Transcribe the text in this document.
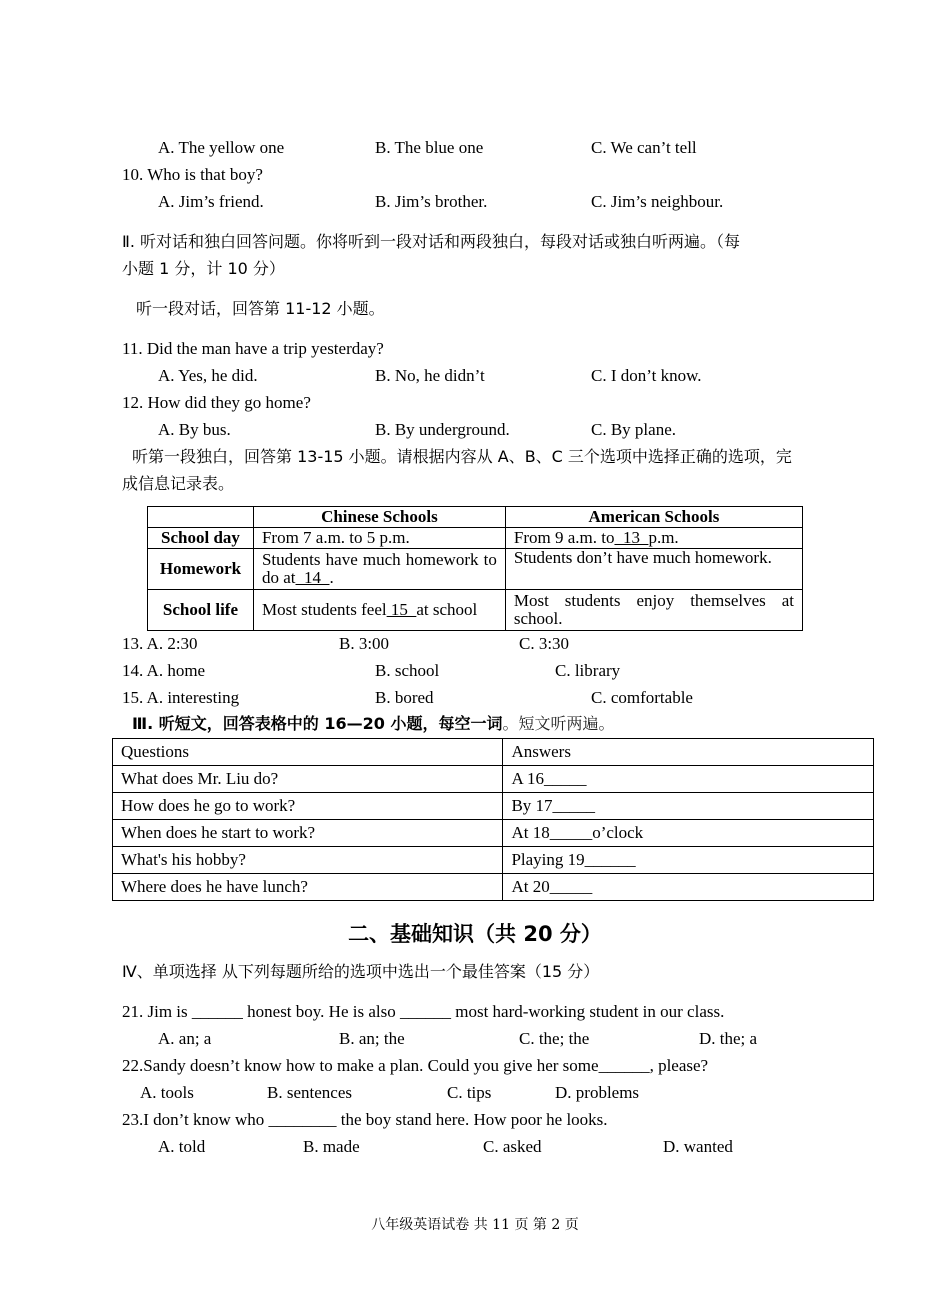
A. The yellow one	B. The blue one	C. We can’t tell
10. Who is that boy?
A. Jim’s friend.	B. Jim’s brother.	C. Jim’s neighbour.
Ⅱ. 听对话和独白回答问题。你将听到一段对话和两段独白，每段对话或独白听两遍。（每
小题 1 分，计 10 分）
听一段对话，回答第 11-12 小题。
11. Did the man have a trip yesterday?
A. Yes, he did.	B. No, he didn’t	C. I don’t know.
12. How did they go home?
A. By bus.	B. By underground.	C. By plane.
听第一段独白，回答第 13-15 小题。请根据内容从 A、B、C 三个选项中选择正确的选项，完
成信息记录表。
	Chinese Schools	American Schools
School day	From 7 a.m. to 5 p.m.	From 9 a.m. to  13  p.m.
Homework	Students have much homework to do at  14  .	Students don’t have much homework.
School life	Most students feel 15  at school	Most students enjoy themselves at school.
13. A. 2:30	B. 3:00	C. 3:30
14. A. home	B. school	C. library
15. A. interesting	B. bored	C. comfortable
Ⅲ. 听短文，回答表格中的 16—20 小题，每空一词。短文听两遍。
Questions	Answers
What does Mr. Liu do?	A 16_____
How does he go to work?	By 17_____
When does he start to work?	At 18_____o’clock
What's his hobby?	Playing 19______
Where does he have lunch?	At 20_____
二、基础知识（共 20 分）
Ⅳ、单项选择 从下列每题所给的选项中选出一个最佳答案（15 分）
21. Jim is ______ honest boy. He is also ______ most hard-working student in our class.
A. an; a	B. an; the	C. the; the	D. the; a
22.Sandy doesn’t know how to make a plan. Could you give her some______, please?
A. tools	B. sentences	C. tips	D. problems
23.I don’t know who ________ the boy stand here. How poor he looks.
A. told	B. made	C. asked	D. wanted
八年级英语试卷 共 11 页 第 2 页
